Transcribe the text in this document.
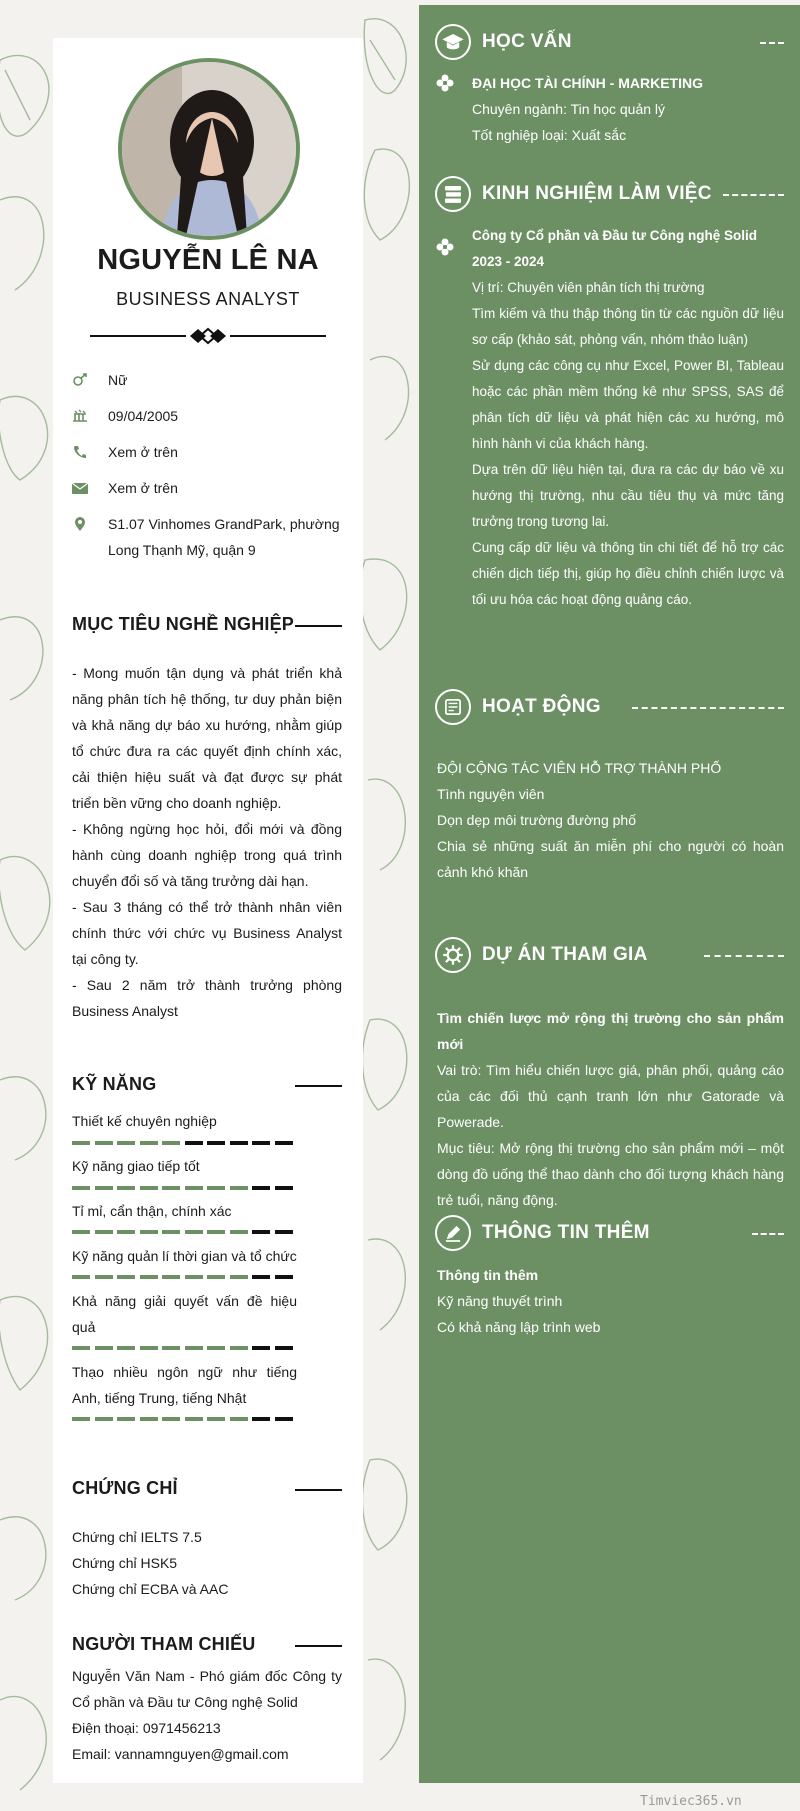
NGUYỄN LÊ NA
BUSINESS ANALYST
Nữ
09/04/2005
Xem ở trên
Xem ở trên
S1.07 Vinhomes GrandPark, phường Long Thạnh Mỹ, quận 9
MỤC TIÊU NGHỀ NGHIỆP

- Mong muốn tận dụng và phát triển khả năng phân tích hệ thống, tư duy phản biện và khả năng dự báo xu hướng, nhằm giúp tổ chức đưa ra các quyết định chính xác, cải thiện hiệu suất và đạt được sự phát triển bền vững cho doanh nghiệp.

- Không ngừng học hỏi, đổi mới và đồng hành cùng doanh nghiệp trong quá trình chuyển đổi số và tăng trưởng dài hạn.

- Sau 3 tháng có thể trở thành nhân viên chính thức với chức vụ Business Analyst tại công ty.

- Sau 2 năm trở thành trưởng phòng Business Analyst

KỸ NĂNG
Thiết kế chuyên nghiệp
Kỹ năng giao tiếp tốt
Tỉ mỉ, cẩn thận, chính xác
Kỹ năng quản lí thời gian và tổ chức
Khả năng giải quyết vấn đề hiệu quả
Thạo nhiều ngôn ngữ như tiếng Anh, tiếng Trung, tiếng Nhật
CHỨNG CHỈ
Chứng chỉ IELTS 7.5
Chứng chỉ HSK5
Chứng chỉ ECBA và AAC
NGƯỜI THAM CHIẾU

Nguyễn Văn Nam - Phó giám đốc Công ty Cổ phần và Đầu tư Công nghệ Solid

Điện thoại: 0971456213

Email: vannamnguyen@gmail.com

HỌC VẤN

ĐẠI HỌC TÀI CHÍNH - MARKETING

Chuyên ngành: Tin học quản lý

Tốt nghiệp loại: Xuất sắc

KINH NGHIỆM LÀM VIỆC

Công ty Cổ phần và Đầu tư Công nghệ Solid

2023 - 2024

Vị trí: Chuyên viên phân tích thị trường

Tìm kiếm và thu thập thông tin từ các nguồn dữ liệu sơ cấp (khảo sát, phỏng vấn, nhóm thảo luận)

Sử dụng các công cụ như Excel, Power BI, Tableau hoặc các phần mềm thống kê như SPSS, SAS để phân tích dữ liệu và phát hiện các xu hướng, mô hình hành vi của khách hàng.

Dựa trên dữ liệu hiện tại, đưa ra các dự báo về xu hướng thị trường, nhu cầu tiêu thụ và mức tăng trưởng trong tương lai.

Cung cấp dữ liệu và thông tin chi tiết để hỗ trợ các chiến dịch tiếp thị, giúp họ điều chỉnh chiến lược và tối ưu hóa các hoạt động quảng cáo.

HOẠT ĐỘNG

ĐỘI CỘNG TÁC VIÊN HỖ TRỢ THÀNH PHỐ

Tình nguyện viên

Dọn dẹp môi trường đường phố

Chia sẻ những suất ăn miễn phí cho người có hoàn cảnh khó khăn

DỰ ÁN THAM GIA

Tìm chiến lược mở rộng thị trường cho sản phẩm mới

Vai trò: Tìm hiểu chiến lược giá, phân phối, quảng cáo của các đối thủ cạnh tranh lớn như Gatorade và Powerade.

Mục tiêu: Mở rộng thị trường cho sản phẩm mới – một dòng đồ uống thể thao dành cho đối tượng khách hàng trẻ tuổi, năng động.

THÔNG TIN THÊM

Thông tin thêm

Kỹ năng thuyết trình

Có khả năng lập trình web

Timviec365.vn
